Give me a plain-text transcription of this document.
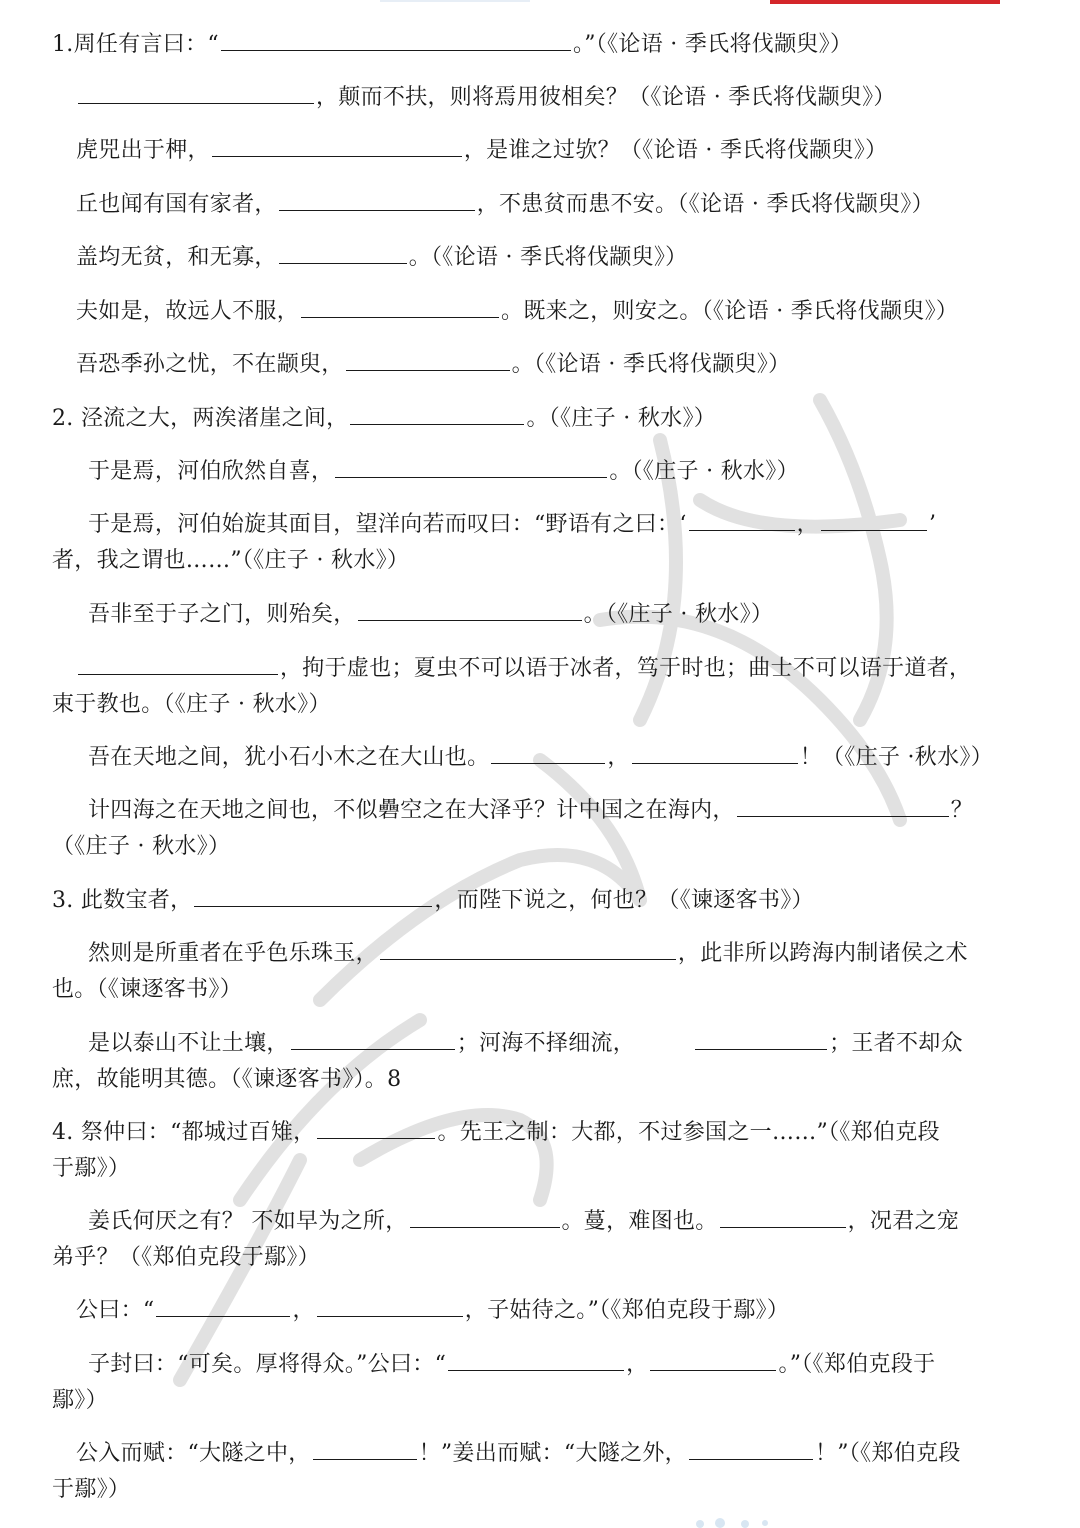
1.周任有言曰：“	。”（《论语 · 季氏将伐颛臾》）
，颠而不扶，则将焉用彼相矣？（《论语 · 季氏将伐颛臾》）
虎兕出于柙，	，是谁之过欤？（《论语 · 季氏将伐颛臾》）
丘也闻有国有家者，	，不患贫而患不安。（《论语 · 季氏将伐颛臾》）
盖均无贫，和无寡，	。（《论语 · 季氏将伐颛臾》）
夫如是，故远人不服，	。既来之，则安之。（《论语 · 季氏将伐颛臾》）
吾恐季孙之忧，不在颛臾，	。（《论语 · 季氏将伐颛臾》）
2. 泾流之大，两涘渚崖之间，	。（《庄子 · 秋水》）
于是焉，河伯欣然自喜，	。（《庄子 · 秋水》）
于是焉，河伯始旋其面目，望洋向若而叹曰：“野语有之曰：‘	，	’
者，我之谓也……”（《庄子 · 秋水》）
吾非至于子之门，则殆矣，	。（《庄子 · 秋水》）
，拘于虚也；夏虫不可以语于冰者，笃于时也；曲士不可以语于道者，
束于教也。（《庄子 · 秋水》）
吾在天地之间，犹小石小木之在大山也。	，	！（《庄子 ·秋水》）
计四海之在天地之间也，不似礨空之在大泽乎？计中国之在海内，	？
（《庄子 · 秋水》）
3. 此数宝者，	，而陛下说之，何也？（《谏逐客书》）
然则是所重者在乎色乐珠玉，	，此非所以跨海内制诸侯之术
也。（《谏逐客书》）
是以泰山不让土壤，	；河海不择细流，	；王者不却众
庶，故能明其德。（《谏逐客书》）。8
4. 祭仲曰：“都城过百雉，	。先王之制：大都，不过参国之一……”（《郑伯克段
于鄢》）
姜氏何厌之有？ 不如早为之所，	。蔓，难图也。	，况君之宠
弟乎？（《郑伯克段于鄢》）
公曰：“	，	，子姑待之。”（《郑伯克段于鄢》）
子封曰：“可矣。厚将得众。”公曰：“	，	。”（《郑伯克段于
鄢》）
公入而赋：“大隧之中，	！”姜出而赋：“大隧之外，	！”（《郑伯克段
于鄢》）
